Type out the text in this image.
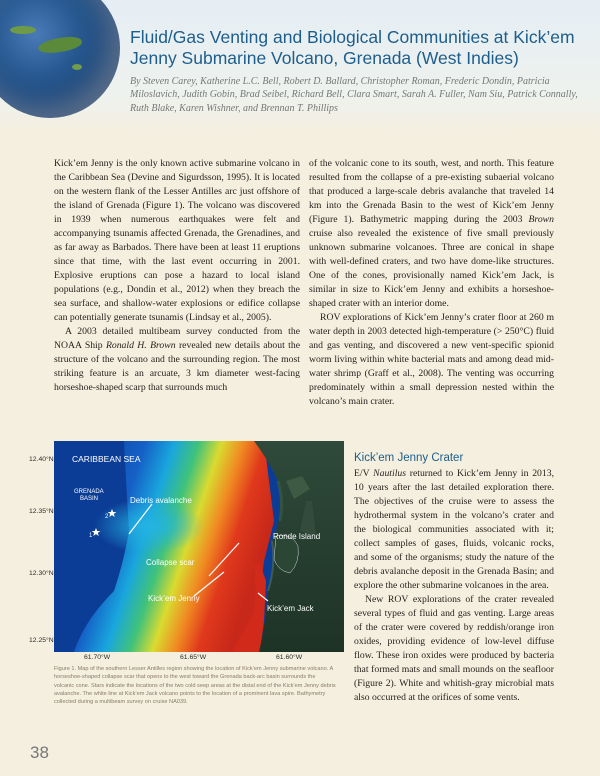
Fluid/Gas Venting and Biological Communities at Kick’em Jenny Submarine Volcano, Grenada (West Indies)

By Steven Carey, Katherine L.C. Bell, Robert D. Ballard, Christopher Roman, Frederic Dondin, Patricia Miloslavich, Judith Gobin, Brad Seibel, Richard Bell, Clara Smart, Sarah A. Fuller, Nam Siu, Patrick Connally, Ruth Blake, Karen Wishner, and Brennan T. Phillips

Kick’em Jenny is the only known active submarine volcano in the Caribbean Sea (Devine and Sigurdsson, 1995). It is located on the western flank of the Lesser Antilles arc just offshore of the island of Grenada (Figure 1). The volcano was discovered in 1939 when numerous earthquakes were felt and accompanying tsunamis affected Grenada, the Grenadines, and as far away as Barbados. There have been at least 11 eruptions since that time, with the last event occurring in 2001. Explosive eruptions can pose a hazard to local island populations (e.g., Dondin et al., 2012) when they breach the sea surface, and shallow-water explosions or edifice collapse can potentially generate tsunamis (Lindsay et al., 2005).

A 2003 detailed multibeam survey conducted from the NOAA Ship Ronald H. Brown revealed new details about the structure of the volcano and the surrounding region. The most striking feature is an arcuate, 3 km diameter west-facing horseshoe-shaped scarp that surrounds much

of the volcanic cone to its south, west, and north. This feature resulted from the collapse of a pre-existing subaerial volcano that produced a large-scale debris avalanche that traveled 14 km into the Grenada Basin to the west of Kick’em Jenny (Figure 1). Bathymetric mapping during the 2003 Brown cruise also revealed the existence of five small previously unknown submarine volcanoes. Three are conical in shape with well-defined craters, and two have dome-like structures. One of the cones, provisionally named Kick’em Jack, is similar in size to Kick’em Jenny and exhibits a horseshoe-shaped crater with an interior dome.

ROV explorations of Kick’em Jenny’s crater floor at 260 m water depth in 2003 detected high-temperature (> 250°C) fluid and gas venting, and discovered a new vent-specific spionid worm living within white bacterial mats and among dead mid-water shrimp (Graff et al., 2008). The venting was occurring predominately within a small depression nested within the volcano’s main crater.

Kick’em Jenny Crater

E/V Nautilus returned to Kick’em Jenny in 2013, 10 years after the last detailed exploration there. The objectives of the cruise were to assess the hydrothermal system in the volcano’s crater and the biological communities associated with it; collect samples of gases, fluids, volcanic rocks, and some of the organisms; study the nature of the debris avalanche deposit in the Grenada Basin; and explore the other submarine volcanoes in the area.

New ROV explorations of the crater revealed several types of fluid and gas venting. Large areas of the crater were covered by reddish/orange iron oxides, providing evidence of low-level diffuse flow. These iron oxides were produced by bacteria that formed mats and small mounds on the seafloor (Figure 2). White and whitish-gray microbial mats also occurred at the orifices of some vents.

12.40°N
12.35°N
12.30°N
12.25°N
CARIBBEAN SEA
GRENADA
BASIN	Debris avalanche
Collapse scar
Kick’em Jenny
Kick’em Jack
Ronde Island
2
1
61.70°W	61.65°W	61.60°W

Figure 1. Map of the southern Lesser Antilles region showing the location of Kick’em Jenny submarine volcano. A horseshoe-shaped collapse scar that opens to the west toward the Grenada back-arc basin surrounds the volcanic cone. Stars indicate the locations of the two cold seep areas at the distal end of the Kick’em Jenny debris avalanche. The white line at Kick’em Jack volcano points to the location of a prominent lava spire. Bathymetry collected during a multibeam survey on cruise NA039.

38
